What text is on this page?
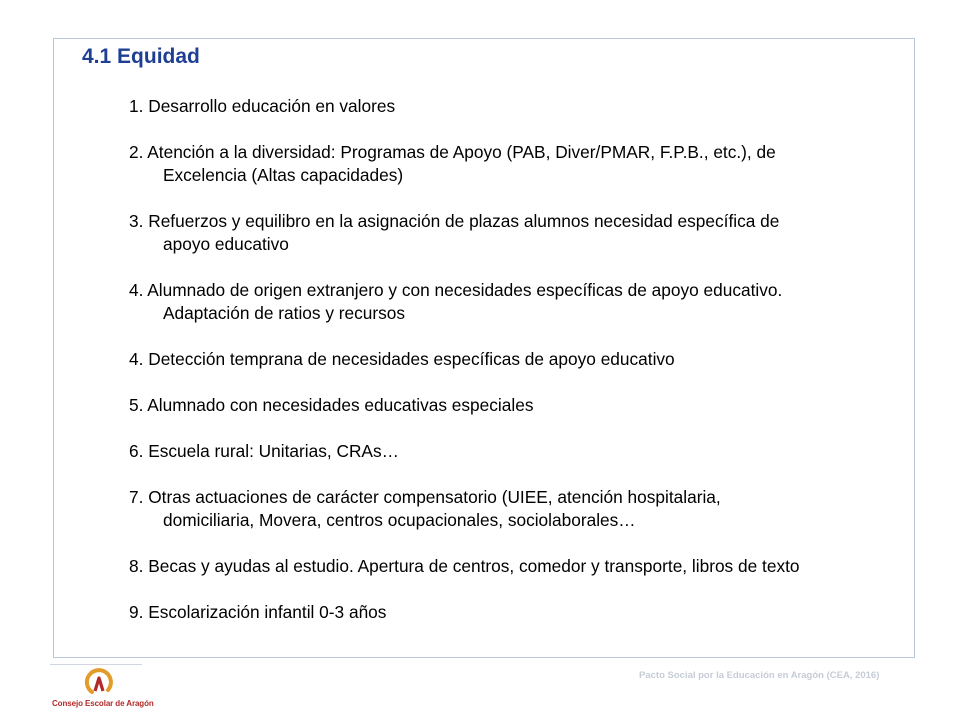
4.1 Equidad
1. Desarrollo educación en valores
2. Atención a la diversidad: Programas de Apoyo (PAB, Diver/PMAR, F.P.B., etc.), de
Excelencia (Altas capacidades)
3. Refuerzos y equilibro en la asignación de plazas alumnos necesidad específica de
apoyo educativo
4. Alumnado de origen extranjero y con necesidades específicas de apoyo educativo.
Adaptación de ratios y recursos
4. Detección temprana de necesidades específicas de apoyo educativo
5. Alumnado con necesidades educativas especiales
6. Escuela rural: Unitarias, CRAs…
7. Otras actuaciones de carácter compensatorio (UIEE, atención hospitalaria,
domiciliaria, Movera, centros ocupacionales, sociolaborales…
8. Becas y ayudas al estudio. Apertura de centros, comedor y transporte, libros de texto
9. Escolarización infantil 0-3 años
Consejo Escolar de Aragón
Pacto Social por la Educación en Aragón (CEA, 2016)
